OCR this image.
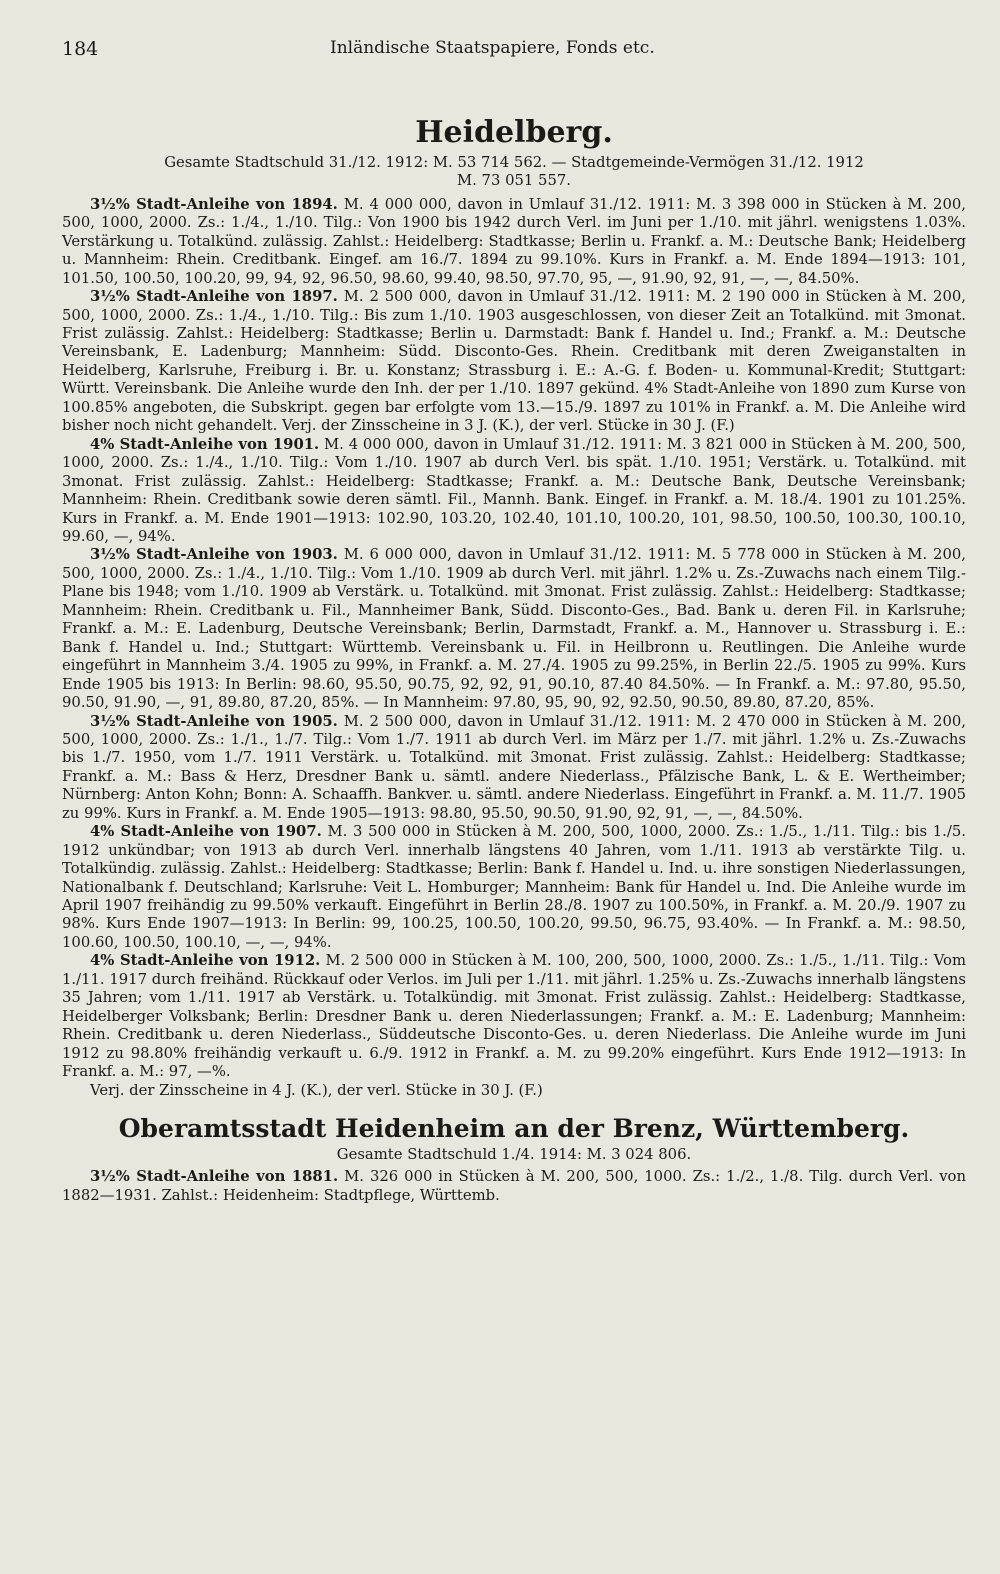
184	Inländische Staatspapiere, Fonds etc.
Heidelberg.

Gesamte Stadtschuld 31./12. 1912: M. 53 714 562. — Stadtgemeinde-Vermögen 31./12. 1912
M. 73 051 557.

3½% Stadt-Anleihe von 1894. M. 4 000 000, davon in Umlauf 31./12. 1911: M. 3 398 000 in Stücken à M. 200, 500, 1000, 2000. Zs.: 1./4., 1./10. Tilg.: Von 1900 bis 1942 durch Verl. im Juni per 1./10. mit jährl. wenigstens 1.03%. Verstärkung u. Totalkünd. zulässig. Zahlst.: Heidelberg: Stadtkasse; Berlin u. Frankf. a. M.: Deutsche Bank; Heidelberg u. Mannheim: Rhein. Creditbank. Eingef. am 16./7. 1894 zu 99.10%. Kurs in Frankf. a. M. Ende 1894—1913: 101, 101.50, 100.50, 100.20, 99, 94, 92, 96.50, 98.60, 99.40, 98.50, 97.70, 95, —, 91.90, 92, 91, —, —, 84.50%.

3½% Stadt-Anleihe von 1897. M. 2 500 000, davon in Umlauf 31./12. 1911: M. 2 190 000 in Stücken à M. 200, 500, 1000, 2000. Zs.: 1./4., 1./10. Tilg.: Bis zum 1./10. 1903 ausgeschlossen, von dieser Zeit an Totalkünd. mit 3monat. Frist zulässig. Zahlst.: Heidelberg: Stadtkasse; Berlin u. Darmstadt: Bank f. Handel u. Ind.; Frankf. a. M.: Deutsche Vereinsbank, E. Ladenburg; Mannheim: Südd. Disconto-Ges. Rhein. Creditbank mit deren Zweiganstalten in Heidelberg, Karlsruhe, Freiburg i. Br. u. Konstanz; Strassburg i. E.: A.-G. f. Boden- u. Kommunal-Kredit; Stuttgart: Württ. Vereinsbank. Die Anleihe wurde den Inh. der per 1./10. 1897 gekünd. 4% Stadt-Anleihe von 1890 zum Kurse von 100.85% angeboten, die Subskript. gegen bar erfolgte vom 13.—15./9. 1897 zu 101% in Frankf. a. M. Die Anleihe wird bisher noch nicht gehandelt. Verj. der Zinsscheine in 3 J. (K.), der verl. Stücke in 30 J. (F.)

4% Stadt-Anleihe von 1901. M. 4 000 000, davon in Umlauf 31./12. 1911: M. 3 821 000 in Stücken à M. 200, 500, 1000, 2000. Zs.: 1./4., 1./10. Tilg.: Vom 1./10. 1907 ab durch Verl. bis spät. 1./10. 1951; Verstärk. u. Totalkünd. mit 3monat. Frist zulässig. Zahlst.: Heidelberg: Stadtkasse; Frankf. a. M.: Deutsche Bank, Deutsche Vereinsbank; Mannheim: Rhein. Creditbank sowie deren sämtl. Fil., Mannh. Bank. Eingef. in Frankf. a. M. 18./4. 1901 zu 101.25%. Kurs in Frankf. a. M. Ende 1901—1913: 102.90, 103.20, 102.40, 101.10, 100.20, 101, 98.50, 100.50, 100.30, 100.10, 99.60, —, 94%.

3½% Stadt-Anleihe von 1903. M. 6 000 000, davon in Umlauf 31./12. 1911: M. 5 778 000 in Stücken à M. 200, 500, 1000, 2000. Zs.: 1./4., 1./10. Tilg.: Vom 1./10. 1909 ab durch Verl. mit jährl. 1.2% u. Zs.-Zuwachs nach einem Tilg.-Plane bis 1948; vom 1./10. 1909 ab Verstärk. u. Totalkünd. mit 3monat. Frist zulässig. Zahlst.: Heidelberg: Stadtkasse; Mannheim: Rhein. Creditbank u. Fil., Mannheimer Bank, Südd. Disconto-Ges., Bad. Bank u. deren Fil. in Karlsruhe; Frankf. a. M.: E. Ladenburg, Deutsche Vereinsbank; Berlin, Darmstadt, Frankf. a. M., Hannover u. Strassburg i. E.: Bank f. Handel u. Ind.; Stuttgart: Württemb. Vereinsbank u. Fil. in Heilbronn u. Reutlingen. Die Anleihe wurde eingeführt in Mannheim 3./4. 1905 zu 99%, in Frankf. a. M. 27./4. 1905 zu 99.25%, in Berlin 22./5. 1905 zu 99%. Kurs Ende 1905 bis 1913: In Berlin: 98.60, 95.50, 90.75, 92, 92, 91, 90.10, 87.40 84.50%. — In Frankf. a. M.: 97.80, 95.50, 90.50, 91.90, —, 91, 89.80, 87.20, 85%. — In Mannheim: 97.80, 95, 90, 92, 92.50, 90.50, 89.80, 87.20, 85%.

3½% Stadt-Anleihe von 1905. M. 2 500 000, davon in Umlauf 31./12. 1911: M. 2 470 000 in Stücken à M. 200, 500, 1000, 2000. Zs.: 1./1., 1./7. Tilg.: Vom 1./7. 1911 ab durch Verl. im März per 1./7. mit jährl. 1.2% u. Zs.-Zuwachs bis 1./7. 1950, vom 1./7. 1911 Verstärk. u. Totalkünd. mit 3monat. Frist zulässig. Zahlst.: Heidelberg: Stadtkasse; Frankf. a. M.: Bass & Herz, Dresdner Bank u. sämtl. andere Niederlass., Pfälzische Bank, L. & E. Wertheimber; Nürnberg: Anton Kohn; Bonn: A. Schaaffh. Bankver. u. sämtl. andere Niederlass. Eingeführt in Frankf. a. M. 11./7. 1905 zu 99%. Kurs in Frankf. a. M. Ende 1905—1913: 98.80, 95.50, 90.50, 91.90, 92, 91, —, —, 84.50%.

4% Stadt-Anleihe von 1907. M. 3 500 000 in Stücken à M. 200, 500, 1000, 2000. Zs.: 1./5., 1./11. Tilg.: bis 1./5. 1912 unkündbar; von 1913 ab durch Verl. innerhalb längstens 40 Jahren, vom 1./11. 1913 ab verstärkte Tilg. u. Totalkündig. zulässig. Zahlst.: Heidelberg: Stadtkasse; Berlin: Bank f. Handel u. Ind. u. ihre sonstigen Niederlassungen, Nationalbank f. Deutschland; Karlsruhe: Veit L. Homburger; Mannheim: Bank für Handel u. Ind. Die Anleihe wurde im April 1907 freihändig zu 99.50% verkauft. Eingeführt in Berlin 28./8. 1907 zu 100.50%, in Frankf. a. M. 20./9. 1907 zu 98%. Kurs Ende 1907—1913: In Berlin: 99, 100.25, 100.50, 100.20, 99.50, 96.75, 93.40%. — In Frankf. a. M.: 98.50, 100.60, 100.50, 100.10, —, —, 94%.

4% Stadt-Anleihe von 1912. M. 2 500 000 in Stücken à M. 100, 200, 500, 1000, 2000. Zs.: 1./5., 1./11. Tilg.: Vom 1./11. 1917 durch freihänd. Rückkauf oder Verlos. im Juli per 1./11. mit jährl. 1.25% u. Zs.-Zuwachs innerhalb längstens 35 Jahren; vom 1./11. 1917 ab Verstärk. u. Totalkündig. mit 3monat. Frist zulässig. Zahlst.: Heidelberg: Stadtkasse, Heidelberger Volksbank; Berlin: Dresdner Bank u. deren Niederlassungen; Frankf. a. M.: E. Ladenburg; Mannheim: Rhein. Creditbank u. deren Niederlass., Süddeutsche Disconto-Ges. u. deren Niederlass. Die Anleihe wurde im Juni 1912 zu 98.80% freihändig verkauft u. 6./9. 1912 in Frankf. a. M. zu 99.20% eingeführt. Kurs Ende 1912—1913: In Frankf. a. M.: 97, —%.

Verj. der Zinsscheine in 4 J. (K.), der verl. Stücke in 30 J. (F.)

Oberamtsstadt Heidenheim an der Brenz, Württemberg.

Gesamte Stadtschuld 1./4. 1914: M. 3 024 806.

3½% Stadt-Anleihe von 1881. M. 326 000 in Stücken à M. 200, 500, 1000. Zs.: 1./2., 1./8. Tilg. durch Verl. von 1882—1931. Zahlst.: Heidenheim: Stadtpflege, Württemb.
